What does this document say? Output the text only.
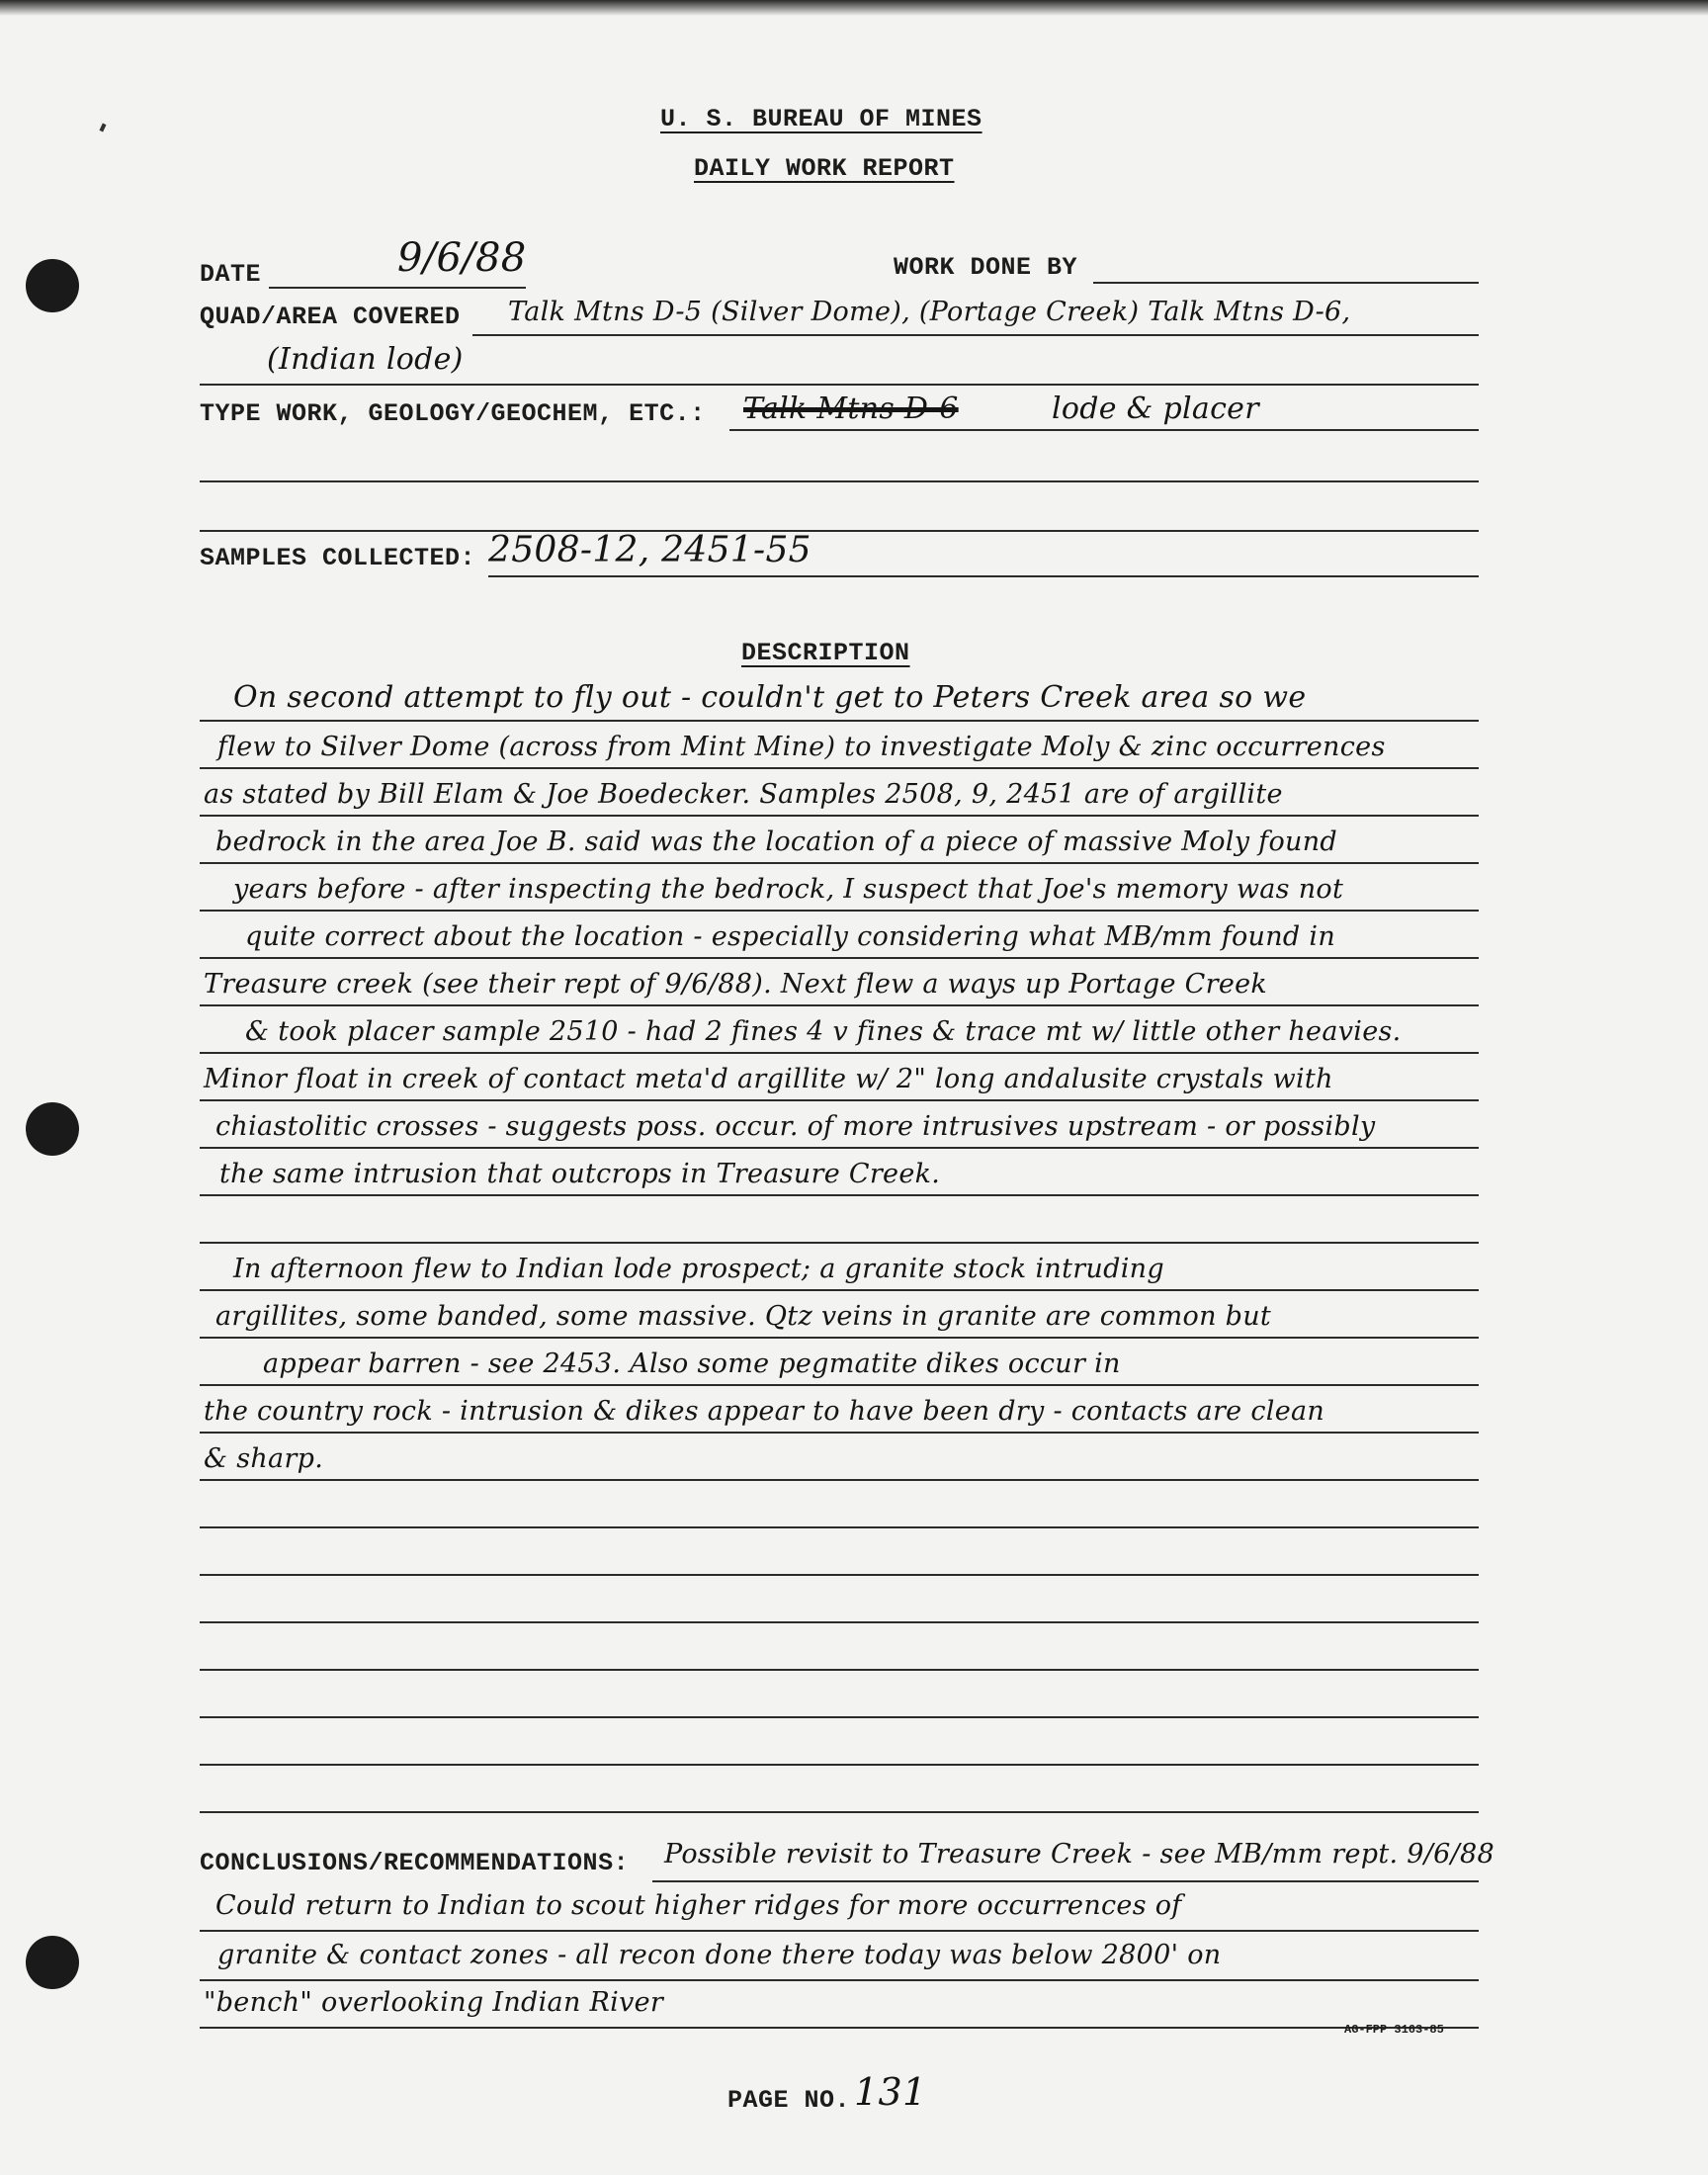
U. S. BUREAU OF MINES
DAILY WORK REPORT
DATE	9/6/88	WORK DONE BY
QUAD/AREA COVERED Talk Mtns D-5 (Silver Dome), (Portage Creek) Talk Mtns D-6,
(Indian lode)
TYPE WORK, GEOLOGY/GEOCHEM, ETC.: Talk Mtns D-6	lode & placer
SAMPLES COLLECTED: 2508-12, 2451-55
DESCRIPTION
On second attempt to fly out - couldn't get to Peters Creek area so we
flew to Silver Dome (across from Mint Mine) to investigate Moly & zinc occurrences
as stated by Bill Elam & Joe Boedecker. Samples 2508, 9, 2451 are of argillite
bedrock in the area Joe B. said was the location of a piece of massive Moly found
years before - after inspecting the bedrock, I suspect that Joe's memory was not
quite correct about the location - especially considering what MB/mm found in
Treasure creek (see their rept of 9/6/88). Next flew a ways up Portage Creek
& took placer sample 2510 - had 2 fines 4 v fines & trace mt w/ little other heavies.
Minor float in creek of contact meta'd argillite w/ 2" long andalusite crystals with
chiastolitic crosses - suggests poss. occur. of more intrusives upstream - or possibly
the same intrusion that outcrops in Treasure Creek.
In afternoon flew to Indian lode prospect; a granite stock intruding
argillites, some banded, some massive. Qtz veins in granite are common but
appear barren - see 2453. Also some pegmatite dikes occur in
the country rock - intrusion & dikes appear to have been dry - contacts are clean
& sharp.
CONCLUSIONS/RECOMMENDATIONS: Possible revisit to Treasure Creek - see MB/mm rept. 9/6/88
Could return to Indian to scout higher ridges for more occurrences of
granite & contact zones - all recon done there today was below 2800' on
"bench" overlooking Indian River
AG-FPP 3163-85
PAGE NO. 131
